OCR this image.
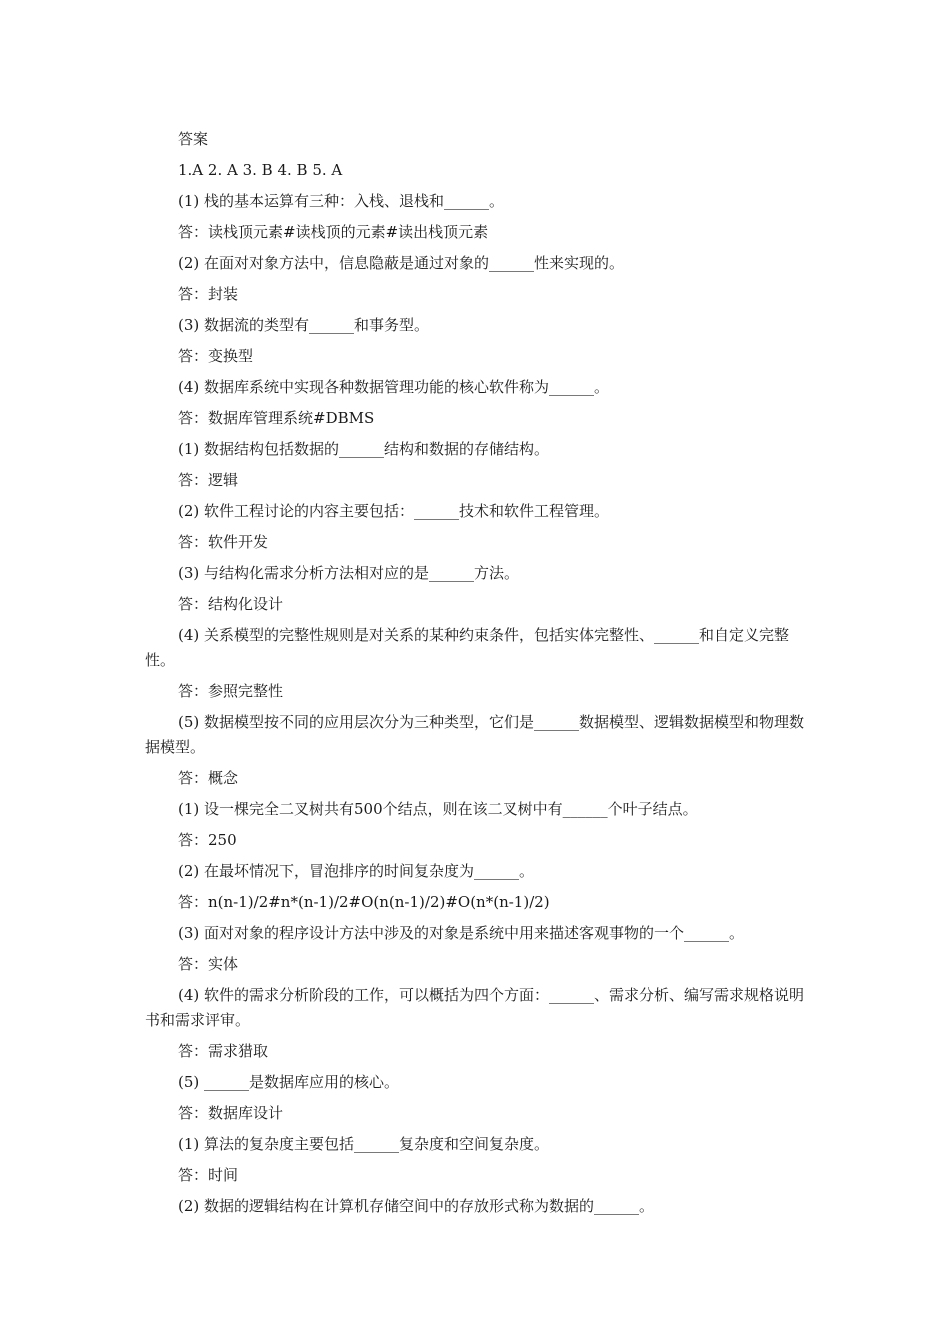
答案
1.A 2. A 3. B 4. B 5. A
(1) 栈的基本运算有三种：入栈、退栈和______。
答：读栈顶元素#读栈顶的元素#读出栈顶元素
(2) 在面对对象方法中，信息隐蔽是通过对象的______性来实现的。
答：封装
(3) 数据流的类型有______和事务型。
答：变换型
(4) 数据库系统中实现各种数据管理功能的核心软件称为______。
答：数据库管理系统#DBMS
(1) 数据结构包括数据的______结构和数据的存储结构。
答：逻辑
(2) 软件工程讨论的内容主要包括：______技术和软件工程管理。
答：软件开发
(3) 与结构化需求分析方法相对应的是______方法。
答：结构化设计
(4) 关系模型的完整性规则是对关系的某种约束条件，包括实体完整性、______和自定义完整性。
答：参照完整性
(5) 数据模型按不同的应用层次分为三种类型，它们是______数据模型、逻辑数据模型和物理数据模型。
答：概念
(1) 设一棵完全二叉树共有500个结点，则在该二叉树中有______个叶子结点。
答：250
(2) 在最坏情况下，冒泡排序的时间复杂度为______。
答：n(n-1)/2#n*(n-1)/2#O(n(n-1)/2)#O(n*(n-1)/2)
(3) 面对对象的程序设计方法中涉及的对象是系统中用来描述客观事物的一个______。
答：实体
(4) 软件的需求分析阶段的工作，可以概括为四个方面：______、需求分析、编写需求规格说明书和需求评审。
答：需求猎取
(5) ______是数据库应用的核心。
答：数据库设计
(1) 算法的复杂度主要包括______复杂度和空间复杂度。
答：时间
(2) 数据的逻辑结构在计算机存储空间中的存放形式称为数据的______。
